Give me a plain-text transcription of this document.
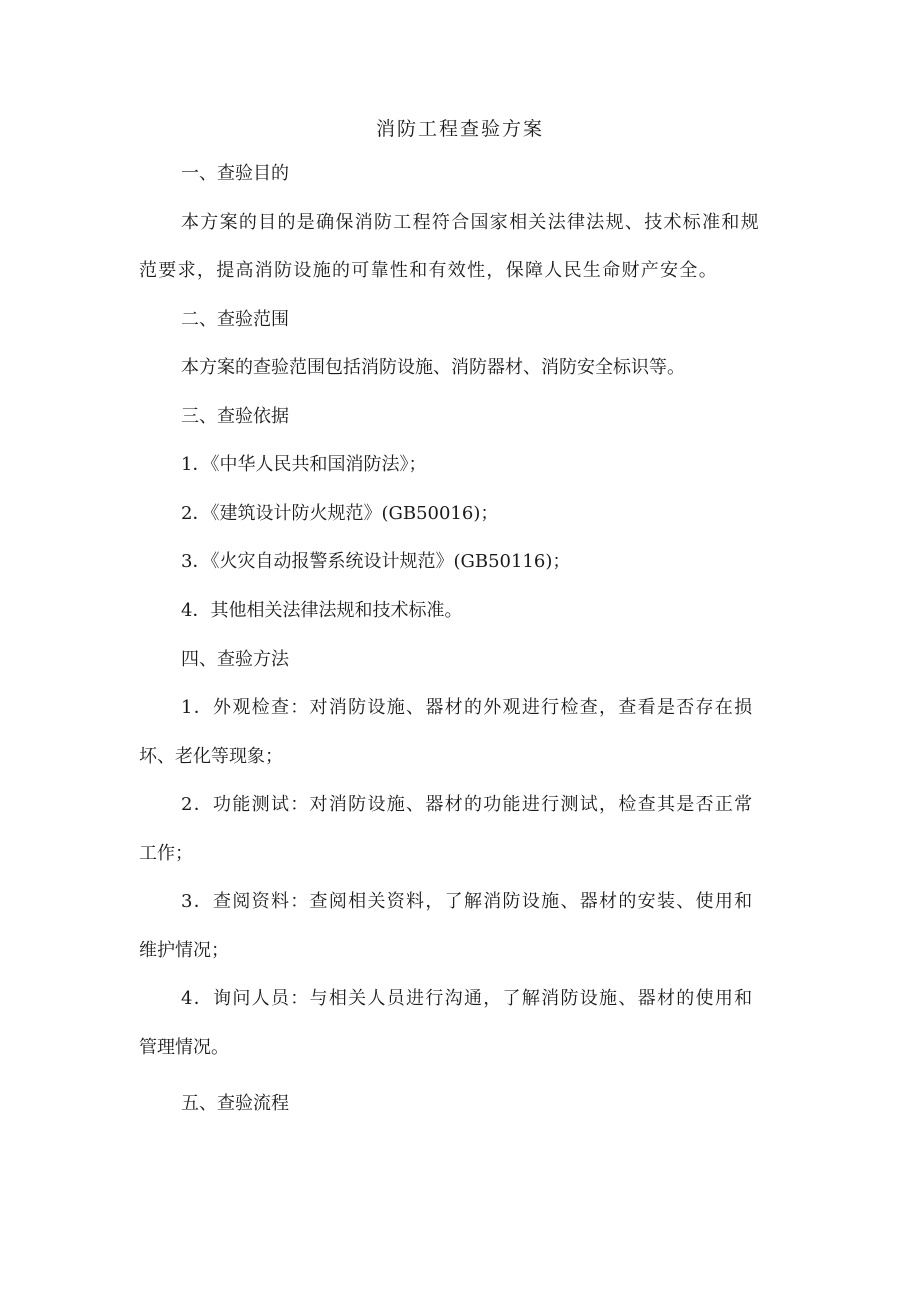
消防工程查验方案
一、查验目的
本方案的目的是确保消防工程符合国家相关法律法规、技术标准和规
范要求，提高消防设施的可靠性和有效性，保障人民生命财产安全。
二、查验范围
本方案的查验范围包括消防设施、消防器材、消防安全标识等。
三、查验依据
1．《中华人民共和国消防法》；
2．《建筑设计防火规范》(GB50016)；
3．《火灾自动报警系统设计规范》(GB50116)；
4．其他相关法律法规和技术标准。
四、查验方法
1．外观检查：对消防设施、器材的外观进行检查，查看是否存在损
坏、老化等现象；
2．功能测试：对消防设施、器材的功能进行测试，检查其是否正常
工作；
3．查阅资料：查阅相关资料，了解消防设施、器材的安装、使用和
维护情况；
4．询问人员：与相关人员进行沟通，了解消防设施、器材的使用和
管理情况。
五、查验流程
